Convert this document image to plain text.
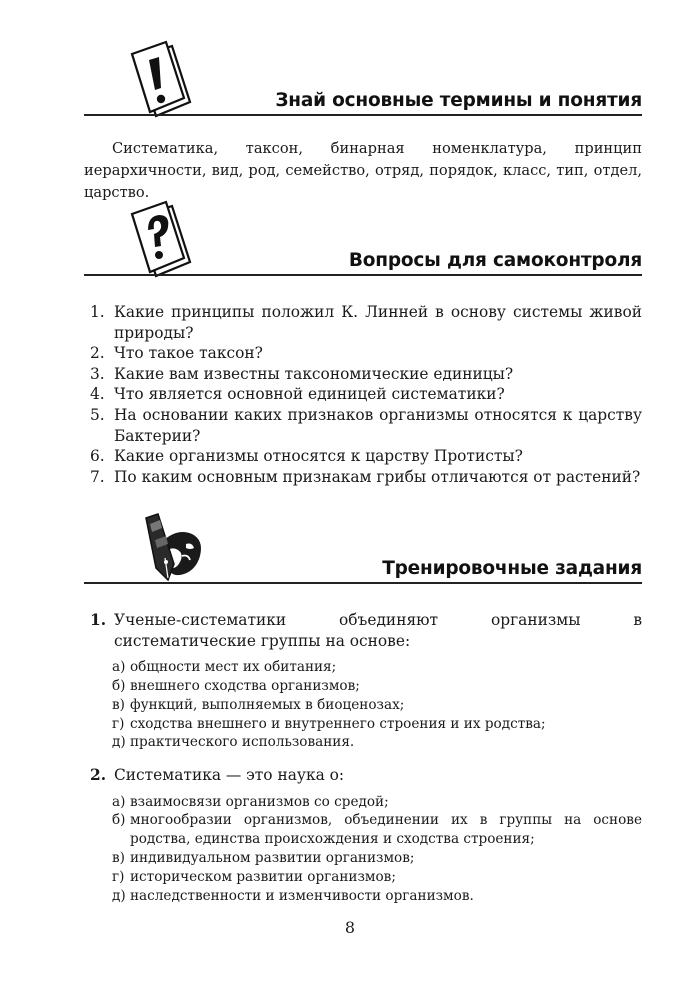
Знай основные термины и понятия

Систематика, таксон, бинарная номенклатура, принцип иерархичности, вид, род, семейство, отряд, порядок, класс, тип, отдел, царство.

Вопросы для самоконтроля
1. Какие принципы положил К. Линней в основу системы живой природы?
2. Что такое таксон?
3. Какие вам известны таксономические единицы?
4. Что является основной единицей систематики?
5. На основании каких признаков организмы относятся к царству Бактерии?
6. Какие организмы относятся к царству Протисты?
7. По каким основным признакам грибы отличаются от растений?
Тренировочные задания
1. Ученые-систематики объединяют организмы в систематические группы на основе:
а) общности мест их обитания;
б) внешнего сходства организмов;
в) функций, выполняемых в биоценозах;
г) сходства внешнего и внутреннего строения и их родства;
д) практического использования.
2. Систематика — это наука о:
а) взаимосвязи организмов со средой;
б) многообразии организмов, объединении их в группы на основе родства, единства происхождения и сходства строения;
в) индивидуальном развитии организмов;
г) историческом развитии организмов;
д) наследственности и изменчивости организмов.
8
